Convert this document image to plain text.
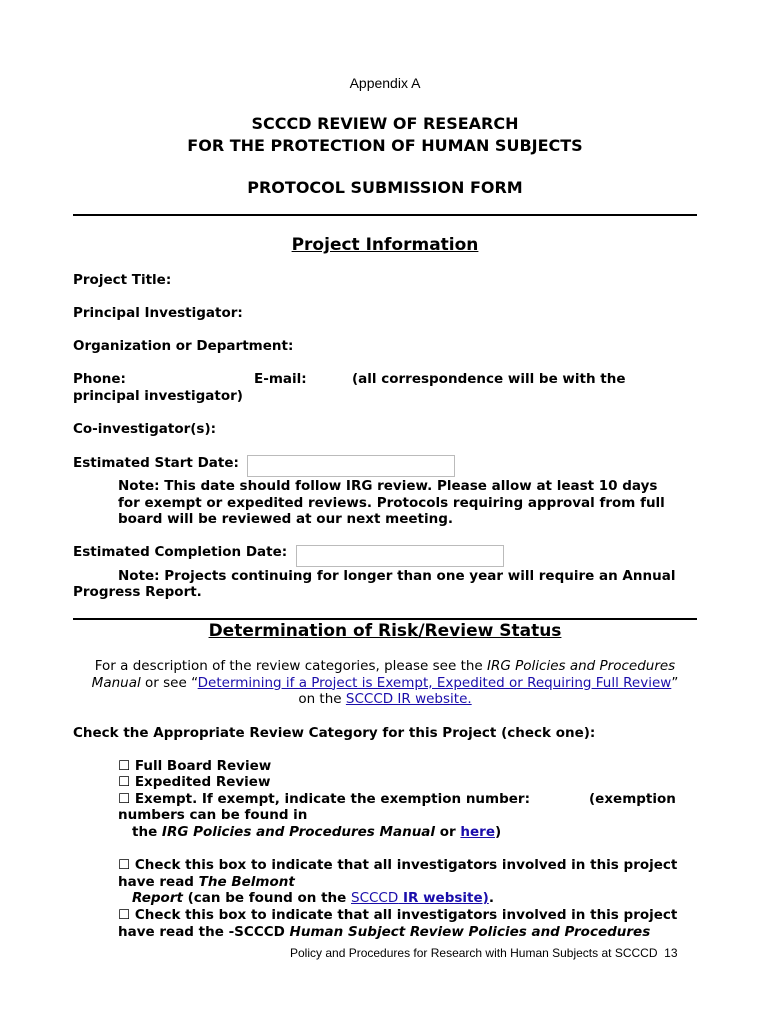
Appendix A
SCCCD REVIEW OF RESEARCH
FOR THE PROTECTION OF HUMAN SUBJECTS
PROTOCOL SUBMISSION FORM
Project Information
Project Title:
Principal Investigator:
Organization or Department:
Phone:	E-mail:	(all correspondence will be with the
principal investigator)
Co-investigator(s):
Estimated Start Date:
Note: This date should follow IRG review. Please allow at least 10 days
for exempt or expedited reviews. Protocols requiring approval from full
board will be reviewed at our next meeting.
Estimated Completion Date:
Note: Projects continuing for longer than one year will require an Annual
Progress Report.
Determination of Risk/Review Status
For a description of the review categories, please see the IRG Policies and Procedures
Manual or see “Determining if a Project is Exempt, Expedited or Requiring Full Review”
on the SCCCD IR website.
Check the Appropriate Review Category for this Project (check one):
☐ Full Board Review
☐ Expedited Review
☐ Exempt. If exempt, indicate the exemption number:	(exemption
numbers can be found in
the IRG Policies and Procedures Manual or here)
☐ Check this box to indicate that all investigators involved in this project
have read The Belmont
Report (can be found on the SCCCD IR website).
☐ Check this box to indicate that all investigators involved in this project
have read the -SCCCD Human Subject Review Policies and Procedures
Policy and Procedures for Research with Human Subjects at SCCCD 13
